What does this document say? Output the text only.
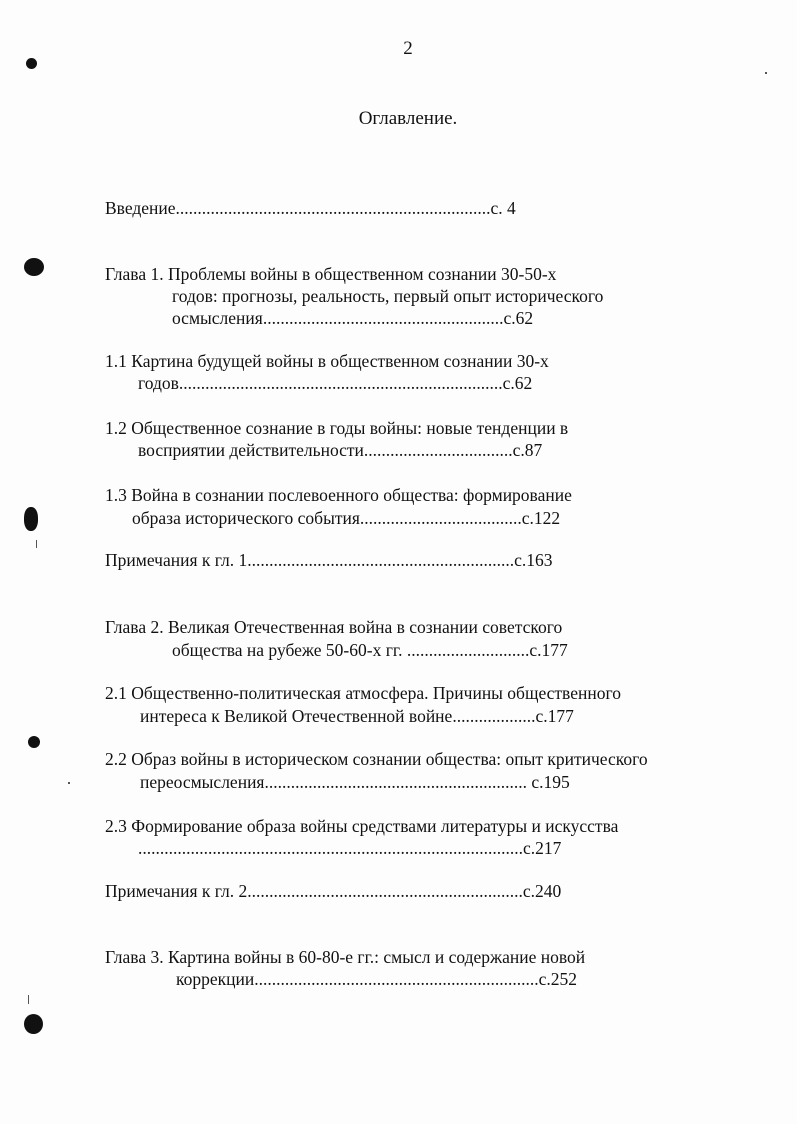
2
Оглавление.
Введение........................................................................с. 4
Глава 1. Проблемы войны в общественном сознании 30-50-х
годов: прогнозы, реальность, первый опыт исторического
осмысления.......................................................с.62
1.1 Картина будущей войны в общественном сознании 30-х
годов..........................................................................с.62
1.2 Общественное сознание в годы войны: новые тенденции в
восприятии действительности..................................с.87
1.3 Война в сознании послевоенного общества: формирование
образа исторического события.....................................с.122
Примечания к гл. 1.............................................................с.163
Глава 2. Великая Отечественная война в сознании советского
общества на рубеже 50-60-х гг. ............................с.177
2.1 Общественно-политическая атмосфера. Причины общественного
интереса к Великой Отечественной войне...................с.177
2.2 Образ войны в историческом сознании общества: опыт критического
переосмысления............................................................ с.195
2.3 Формирование образа войны средствами литературы и искусства
........................................................................................с.217
Примечания к гл. 2...............................................................с.240
Глава 3. Картина войны в 60-80-е гг.: смысл и содержание новой
коррекции.................................................................с.252
